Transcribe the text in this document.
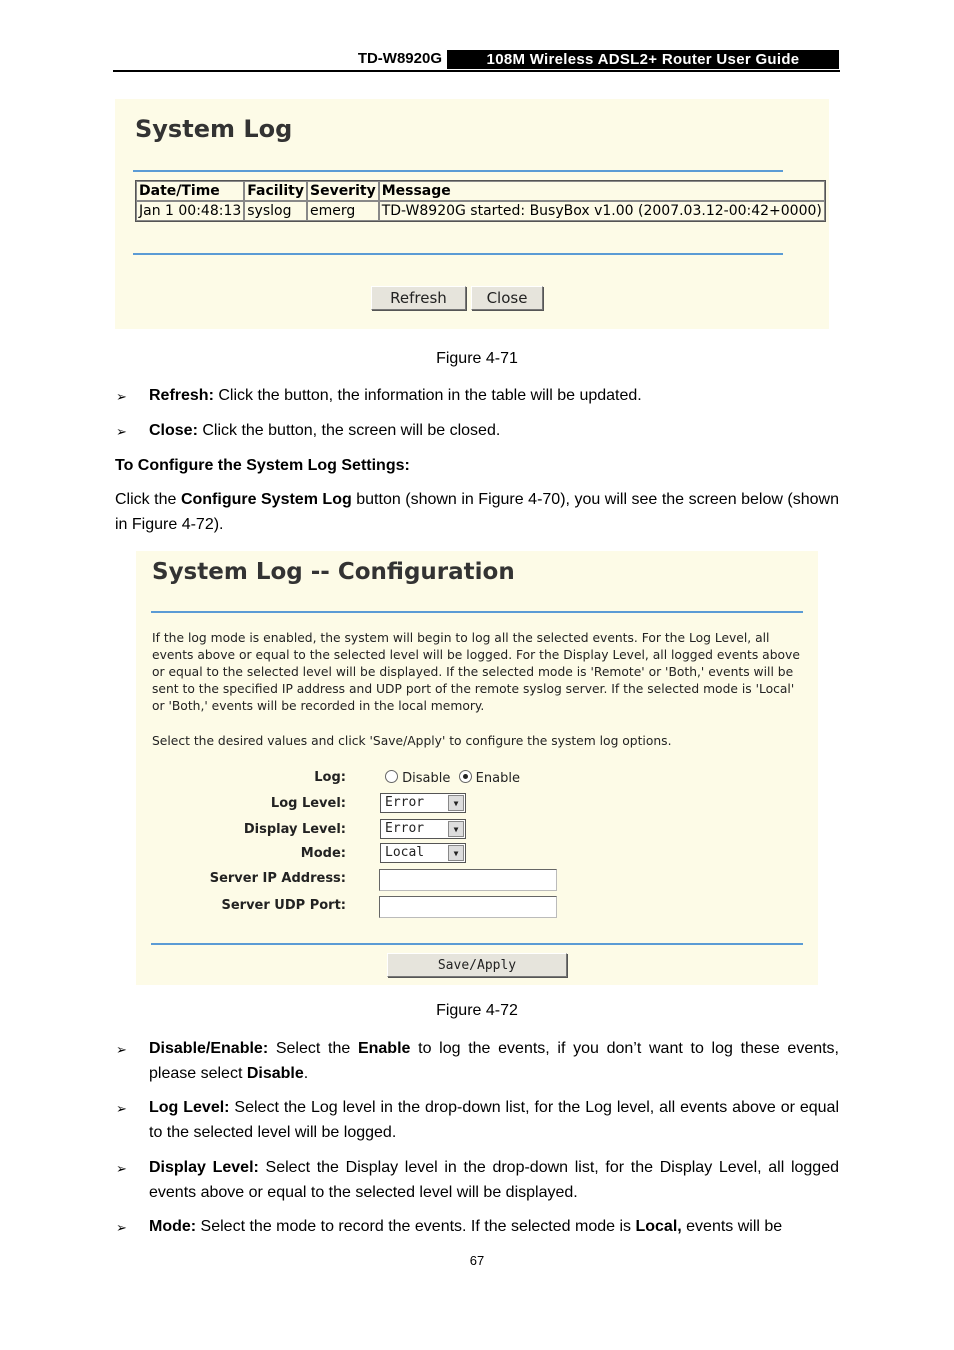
TD-W8920G	108M Wireless ADSL2+ Router User Guide
System Log
Date/Time	Facility	Severity	Message
Jan 1 00:48:13	syslog	emerg	TD-W8920G started: BusyBox v1.00 (2007.03.12-00:42+0000)
Refresh	Close
Figure 4-71
➢ Refresh: Click the button, the information in the table will be updated.
➢ Close: Click the button, the screen will be closed.
To Configure the System Log Settings:
Click the Configure System Log button (shown in Figure 4-70), you will see the screen below (shown in Figure 4-72).
System Log -- Configuration
If the log mode is enabled, the system will begin to log all the selected events. For the Log Level, all events above or equal to the selected level will be logged. For the Display Level, all logged events above or equal to the selected level will be displayed. If the selected mode is 'Remote' or 'Both,' events will be sent to the specified IP address and UDP port of the remote syslog server. If the selected mode is 'Local' or 'Both,' events will be recorded in the local memory.
Select the desired values and click 'Save/Apply' to configure the system log options.
Log:	Disable Enable
Log Level:	Error	▼
Display Level:	Error	▼
Mode:	Local	▼
Server IP Address:
Server UDP Port:
Save/Apply
Figure 4-72
➢ Disable/Enable: Select the Enable to log the events, if you don’t want to log these events, please select Disable.
➢ Log Level: Select the Log level in the drop-down list, for the Log level, all events above or equal to the selected level will be logged.
➢ Display Level: Select the Display level in the drop-down list, for the Display Level, all logged events above or equal to the selected level will be displayed.
➢ Mode: Select the mode to record the events. If the selected mode is Local, events will be
67
